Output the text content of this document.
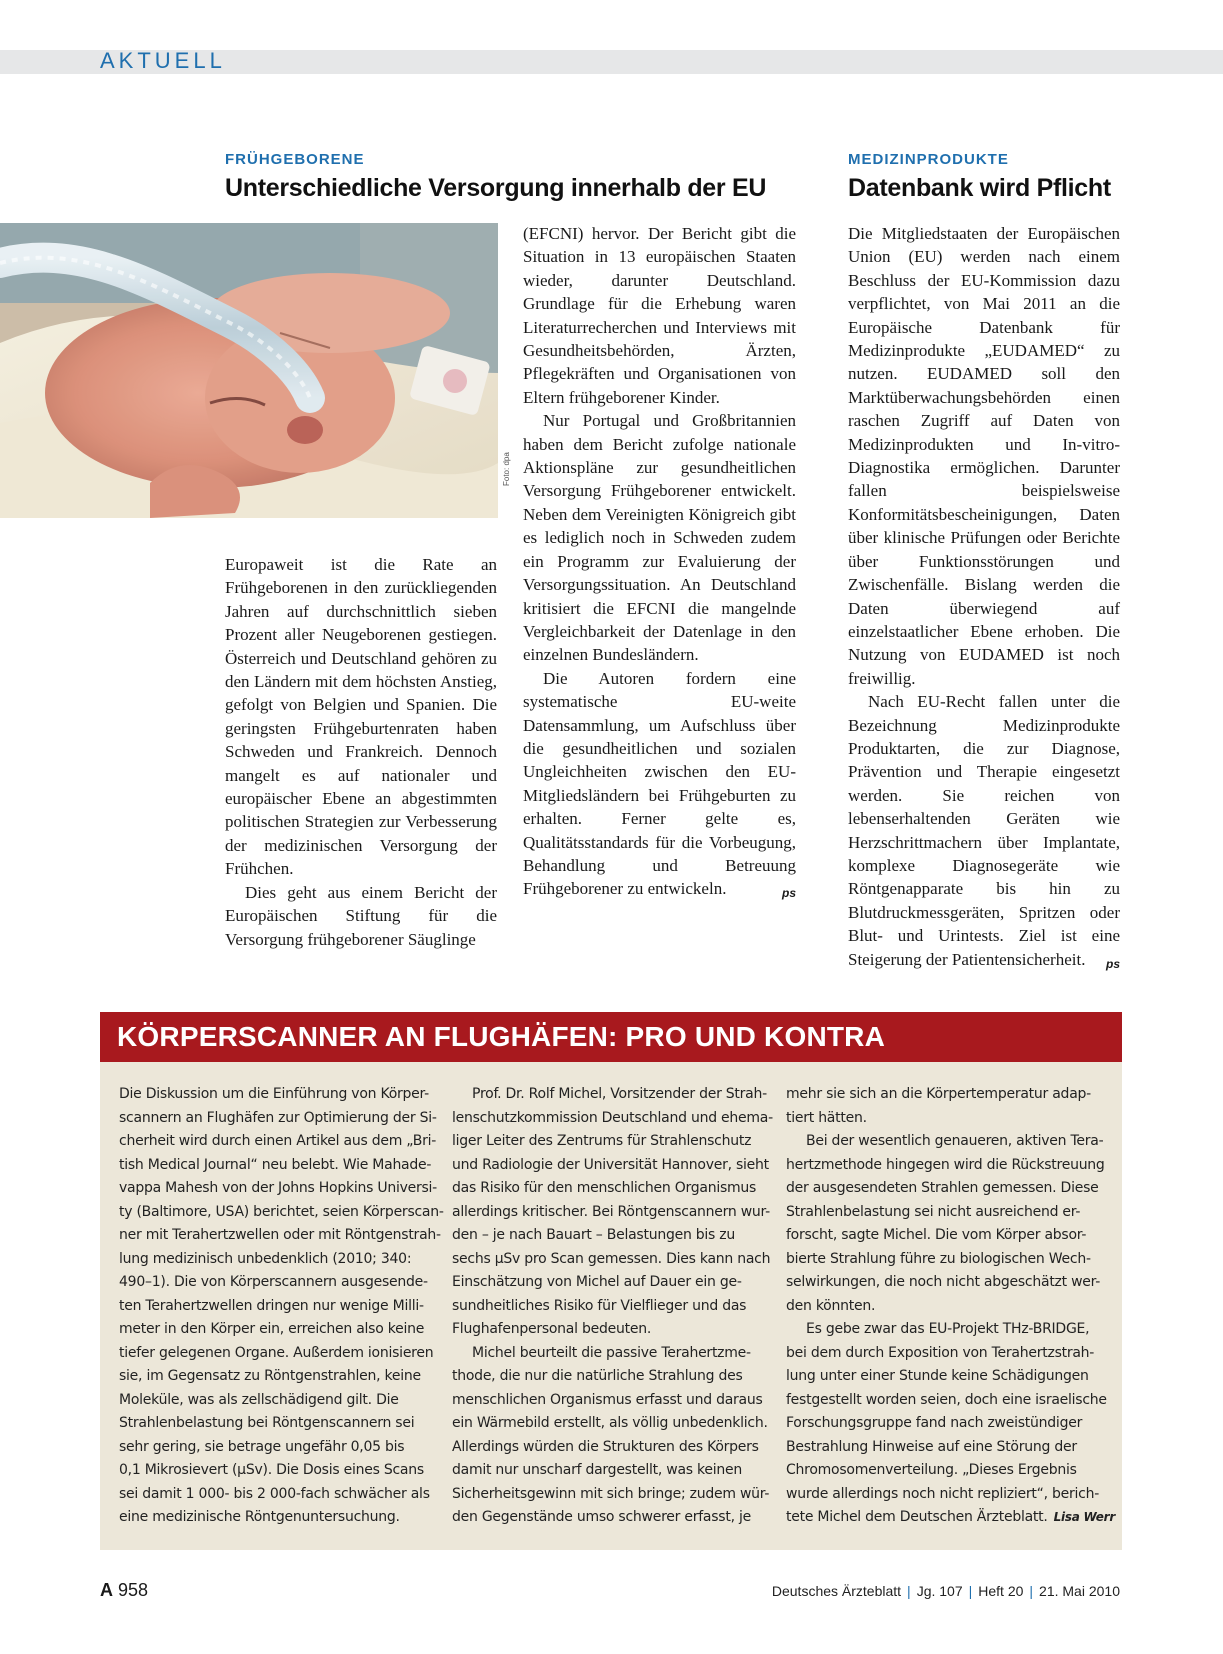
AKTUELL
FRÜHGEBORENE
Unterschiedliche Versorgung innerhalb der EU
Foto: dpa

Europaweit ist die Rate an Frühgeborenen in den zurückliegenden Jahren auf durchschnittlich sieben Prozent aller Neugeborenen gestiegen. Österreich und Deutschland gehören zu den Ländern mit dem höchsten Anstieg, gefolgt von Belgien und Spanien. Die geringsten Frühgeburtenraten haben Schweden und Frankreich. Dennoch mangelt es auf nationaler und europäischer Ebene an abgestimmten politischen Strategien zur Verbesserung der medizinischen Versorgung der Frühchen.

Dies geht aus einem Bericht der Europäischen Stiftung für die Versorgung frühgeborener Säuglinge

(EFCNI) hervor. Der Bericht gibt die Situation in 13 europäischen Staaten wieder, darunter Deutschland. Grundlage für die Erhebung waren Literaturrecherchen und Interviews mit Gesundheitsbehörden, Ärzten, Pflegekräften und Organisationen von Eltern frühgeborener Kinder.

Nur Portugal und Großbritannien haben dem Bericht zufolge nationale Aktionspläne zur gesundheitlichen Versorgung Frühgeborener entwickelt. Neben dem Vereinigten Königreich gibt es lediglich noch in Schweden zudem ein Programm zur Evaluierung der Versorgungssituation. An Deutschland kritisiert die EFCNI die mangelnde Vergleichbarkeit der Datenlage in den einzelnen Bundesländern.

Die Autoren fordern eine systematische EU-weite Datensammlung, um Aufschluss über die gesundheitlichen und sozialen Ungleichheiten zwischen den EU-Mitgliedsländern bei Frühgeburten zu erhalten. Ferner gelte es, Qualitätsstandards für die Vorbeugung, Behandlung und Betreuung Frühgeborener zu entwickeln.	ps

MEDIZINPRODUKTE
Datenbank wird Pflicht

Die Mitgliedstaaten der Europäischen Union (EU) werden nach einem Beschluss der EU-Kommission dazu verpflichtet, von Mai 2011 an die Europäische Datenbank für Medizinprodukte „EUDAMED“ zu nutzen. EUDAMED soll den Marktüberwachungsbehörden einen raschen Zugriff auf Daten von Medizinprodukten und In-vitro-Diagnostika ermöglichen. Darunter fallen beispielsweise Konformitätsbescheinigungen, Daten über klinische Prüfungen oder Berichte über Funktionsstörungen und Zwischenfälle. Bislang werden die Daten überwiegend auf einzelstaatlicher Ebene erhoben. Die Nutzung von EUDAMED ist noch freiwillig.

Nach EU-Recht fallen unter die Bezeichnung Medizinprodukte Produktarten, die zur Diagnose, Prävention und Therapie eingesetzt werden. Sie reichen von lebenserhaltenden Geräten wie Herzschrittmachern über Implantate, komplexe Diagnosegeräte wie Röntgenapparate bis hin zu Blutdruckmessgeräten, Spritzen oder Blut- und Urintests. Ziel ist eine Steigerung der Patientensicherheit.	ps

KÖRPERSCANNER AN FLUGHÄFEN: PRO UND KONTRA
Die Diskussion um die Einführung von Körper-
scannern an Flughäfen zur Optimierung der Si-
cherheit wird durch einen Artikel aus dem „Bri-
tish Medical Journal“ neu belebt. Wie Mahade-
vappa Mahesh von der Johns Hopkins Universi-
ty (Baltimore, USA) berichtet, seien Körperscan-
ner mit Terahertzwellen oder mit Röntgenstrah-
lung medizinisch unbedenklich (2010; 340:
490–1). Die von Körperscannern ausgesende-
ten Terahertzwellen dringen nur wenige Milli-
meter in den Körper ein, erreichen also keine
tiefer gelegenen Organe. Außerdem ionisieren
sie, im Gegensatz zu Röntgenstrahlen, keine
Moleküle, was als zellschädigend gilt. Die
Strahlenbelastung bei Röntgenscannern sei
sehr gering, sie betrage ungefähr 0,05 bis
0,1 Mikrosievert (µSv). Die Dosis eines Scans
sei damit 1 000- bis 2 000-fach schwächer als
eine medizinische Röntgenuntersuchung.
Prof. Dr. Rolf Michel, Vorsitzender der Strah-
lenschutzkommission Deutschland und ehema-
liger Leiter des Zentrums für Strahlenschutz
und Radiologie der Universität Hannover, sieht
das Risiko für den menschlichen Organismus
allerdings kritischer. Bei Röntgenscannern wur-
den – je nach Bauart – Belastungen bis zu
sechs µSv pro Scan gemessen. Dies kann nach
Einschätzung von Michel auf Dauer ein ge-
sundheitliches Risiko für Vielflieger und das
Flughafenpersonal bedeuten.
Michel beurteilt die passive Terahertzme-
thode, die nur die natürliche Strahlung des
menschlichen Organismus erfasst und daraus
ein Wärmebild erstellt, als völlig unbedenklich.
Allerdings würden die Strukturen des Körpers
damit nur unscharf dargestellt, was keinen
Sicherheitsgewinn mit sich bringe; zudem wür-
den Gegenstände umso schwerer erfasst, je
mehr sie sich an die Körpertemperatur adap-
tiert hätten.
Bei der wesentlich genaueren, aktiven Tera-
hertzmethode hingegen wird die Rückstreuung
der ausgesendeten Strahlen gemessen. Diese
Strahlenbelastung sei nicht ausreichend er-
forscht, sagte Michel. Die vom Körper absor-
bierte Strahlung führe zu biologischen Wech-
selwirkungen, die noch nicht abgeschätzt wer-
den könnten.
Es gebe zwar das EU-Projekt THz-BRIDGE,
bei dem durch Exposition von Terahertzstrah-
lung unter einer Stunde keine Schädigungen
festgestellt worden seien, doch eine israelische
Forschungsgruppe fand nach zweistündiger
Bestrahlung Hinweise auf eine Störung der
Chromosomenverteilung. „Dieses Ergebnis
wurde allerdings noch nicht repliziert“, berich-
tete Michel dem Deutschen Ärzteblatt. Lisa Werr
A 958	Deutsches Ärzteblatt | Jg. 107 | Heft 20 | 21. Mai 2010
